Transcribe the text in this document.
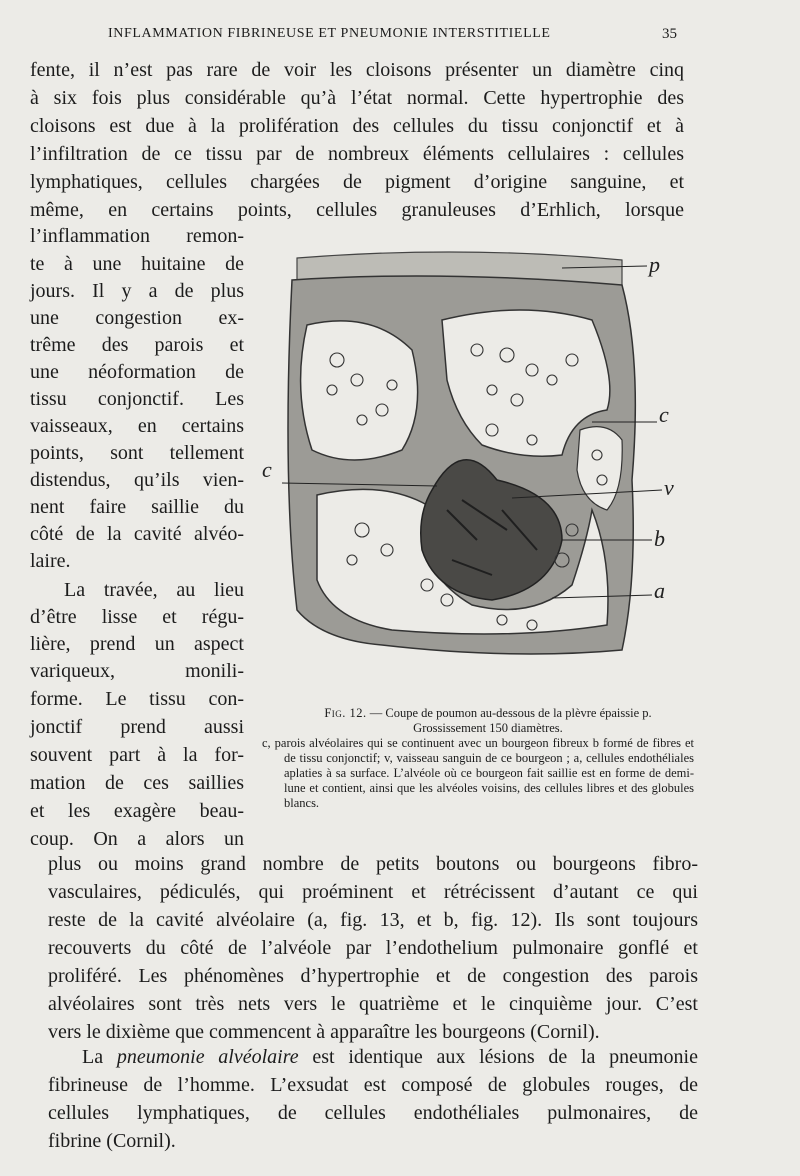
INFLAMMATION FIBRINEUSE ET PNEUMONIE INTERSTITIELLE	35
fente, il n’est pas rare de voir les cloisons présenter un diamètre cinq
à six fois plus considérable qu’à l’état normal. Cette hypertrophie des
cloisons est due à la prolifération des cellules du tissu conjonctif et à
l’infiltration de ce tissu par de nombreux éléments cellulaires : cellules
lymphatiques, cellules chargées de pigment d’origine sanguine, et
même, en certains points, cellules granuleuses d’Erhlich, lorsque
l’inflammation remon-
te à une huitaine de
jours. Il y a de plus
une congestion ex-
trême des parois et
une néoformation de
tissu conjonctif. Les
vaisseaux, en certains
points, sont tellement
distendus, qu’ils vien-
nent faire saillie du
côté de la cavité alvéo-
laire.
La travée, au lieu
d’être lisse et régu-
lière, prend un aspect
variqueux, monili-
forme. Le tissu con-
jonctif prend aussi
souvent part à la for-
mation de ces saillies
et les exagère beau-
coup. On a alors un
plus ou moins grand nombre de petits boutons ou bourgeons fibro-
vasculaires, pédiculés, qui proéminent et rétrécissent d’autant ce qui
reste de la cavité alvéolaire (a, fig. 13, et b, fig. 12). Ils sont toujours
recouverts du côté de l’alvéole par l’endothelium pulmonaire gonflé et
proliféré. Les phénomènes d’hypertrophie et de congestion des parois
alvéolaires sont très nets vers le quatrième et le cinquième jour. C’est
vers le dixième que commencent à apparaître les bourgeons (Cornil).
La pneumonie alvéolaire est identique aux lésions de la pneumonie
fibrineuse de l’homme. L’exsudat est composé de globules rouges, de
cellules lymphatiques, de cellules endothéliales pulmonaires, de
fibrine (Cornil).
p
c
c
v
b
a
Fig. 12. — Coupe de poumon au-dessous de la plèvre épaissie p.
Grossissement 150 diamètres.
c, parois alvéolaires qui se continuent avec un bourgeon fibreux b formé de fibres et de tissu conjonctif; v, vaisseau sanguin de ce bourgeon ; a, cellules endothéliales aplaties à sa surface. L’alvéole où ce bourgeon fait saillie est en forme de demi-lune et contient, ainsi que les alvéoles voisins, des cellules libres et des globules blancs.
